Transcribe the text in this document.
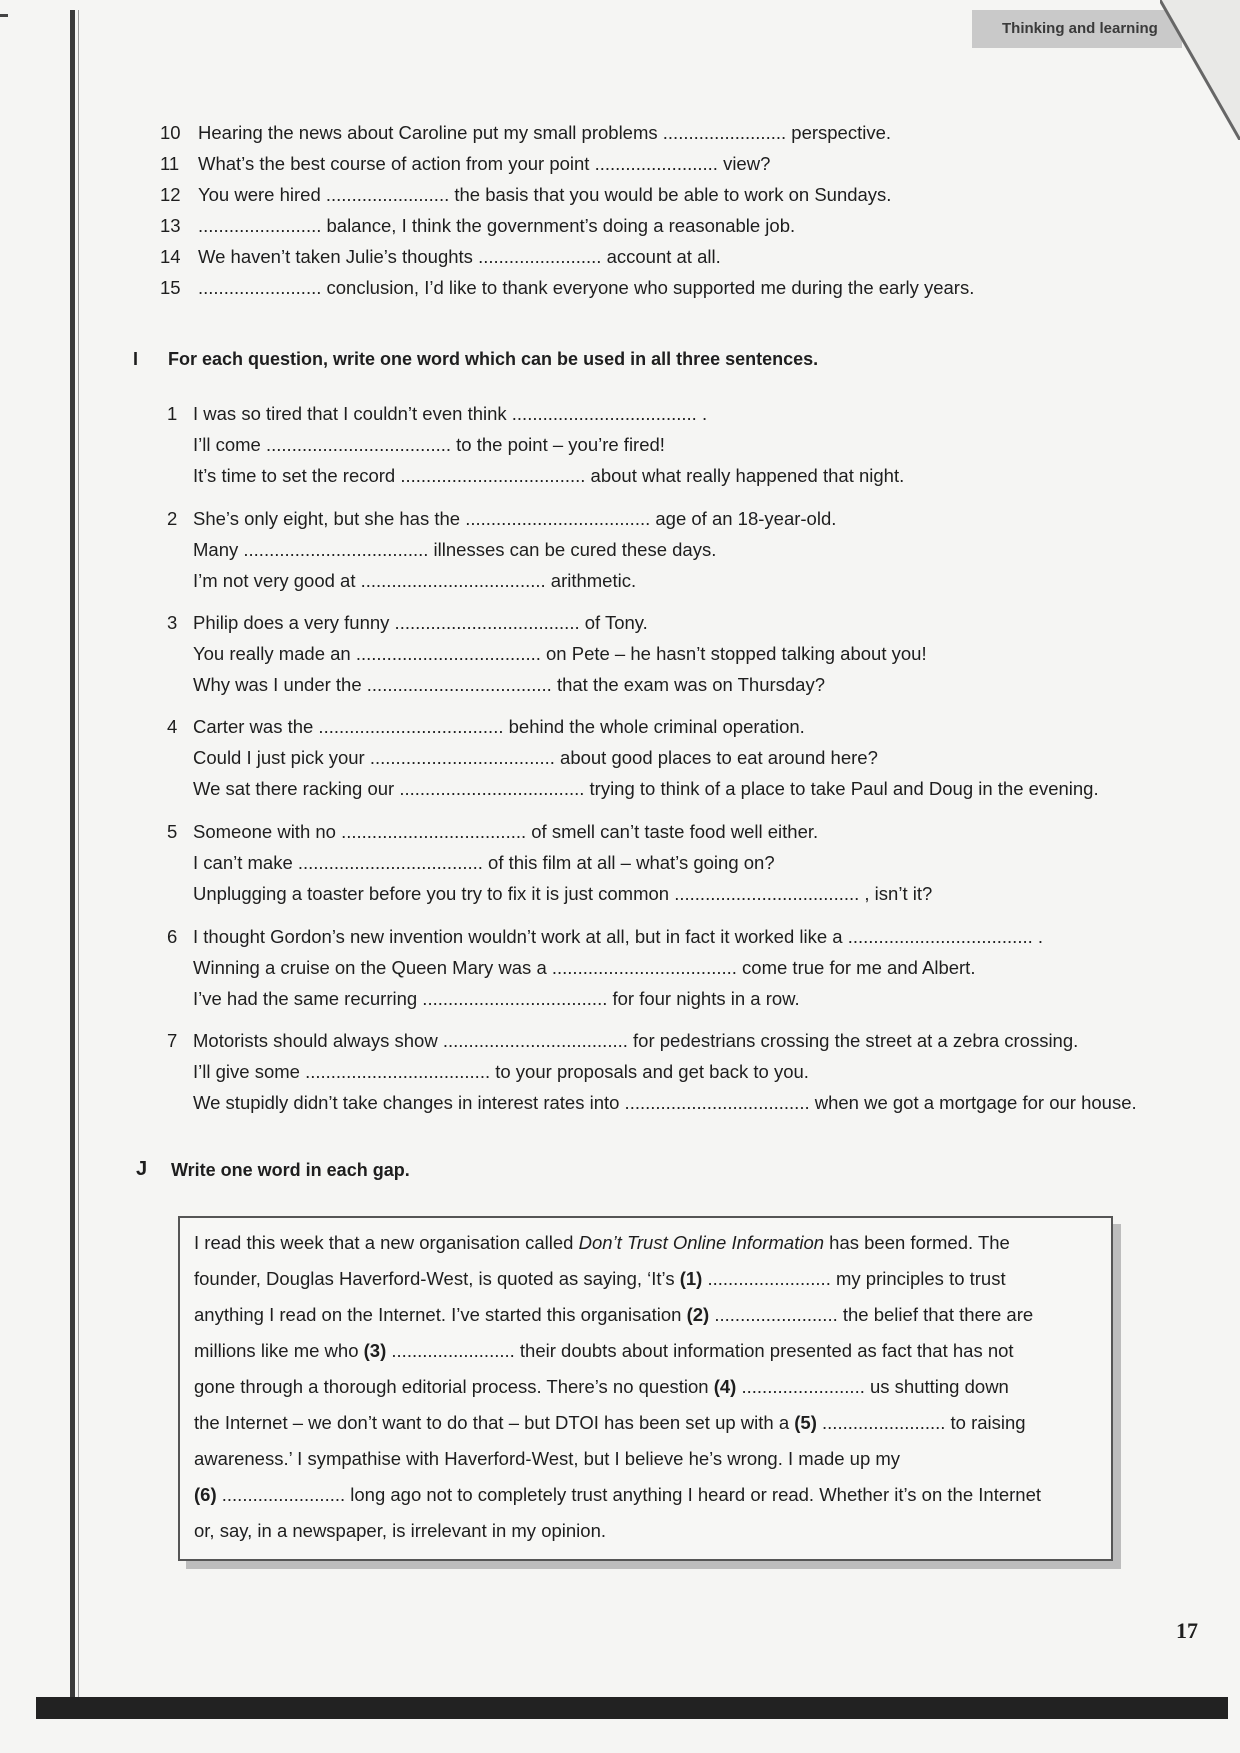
Thinking and learning
10 Hearing the news about Caroline put my small problems ........................ perspective.
11 What’s the best course of action from your point ........................ view?
12 You were hired ........................ the basis that you would be able to work on Sundays.
13 ........................ balance, I think the government’s doing a reasonable job.
14 We haven’t taken Julie’s thoughts ........................ account at all.
15 ........................ conclusion, I’d like to thank everyone who supported me during the early years.
I For each question, write one word which can be used in all three sentences.
1 I was so tired that I couldn’t even think .................................... .
I’ll come .................................... to the point – you’re fired!
It’s time to set the record .................................... about what really happened that night.
2 She’s only eight, but she has the .................................... age of an 18-year-old.
Many .................................... illnesses can be cured these days.
I’m not very good at .................................... arithmetic.
3 Philip does a very funny .................................... of Tony.
You really made an .................................... on Pete – he hasn’t stopped talking about you!
Why was I under the .................................... that the exam was on Thursday?
4 Carter was the .................................... behind the whole criminal operation.
Could I just pick your .................................... about good places to eat around here?
We sat there racking our .................................... trying to think of a place to take Paul and Doug in the evening.
5 Someone with no .................................... of smell can’t taste food well either.
I can’t make .................................... of this film at all – what’s going on?
Unplugging a toaster before you try to fix it is just common .................................... , isn’t it?
6 I thought Gordon’s new invention wouldn’t work at all, but in fact it worked like a .................................... .
Winning a cruise on the Queen Mary was a .................................... come true for me and Albert.
I’ve had the same recurring .................................... for four nights in a row.
7 Motorists should always show .................................... for pedestrians crossing the street at a zebra crossing.
I’ll give some .................................... to your proposals and get back to you.
We stupidly didn’t take changes in interest rates into .................................... when we got a mortgage for our house.
J Write one word in each gap.
I read this week that a new organisation called Don’t Trust Online Information has been formed. The
founder, Douglas Haverford-West, is quoted as saying, ‘It’s (1) ........................ my principles to trust
anything I read on the Internet. I’ve started this organisation (2) ........................ the belief that there are
millions like me who (3) ........................ their doubts about information presented as fact that has not
gone through a thorough editorial process. There’s no question (4) ........................ us shutting down
the Internet – we don’t want to do that – but DTOI has been set up with a (5) ........................ to raising
awareness.’ I sympathise with Haverford-West, but I believe he’s wrong. I made up my
(6) ........................ long ago not to completely trust anything I heard or read. Whether it’s on the Internet
or, say, in a newspaper, is irrelevant in my opinion.
17
